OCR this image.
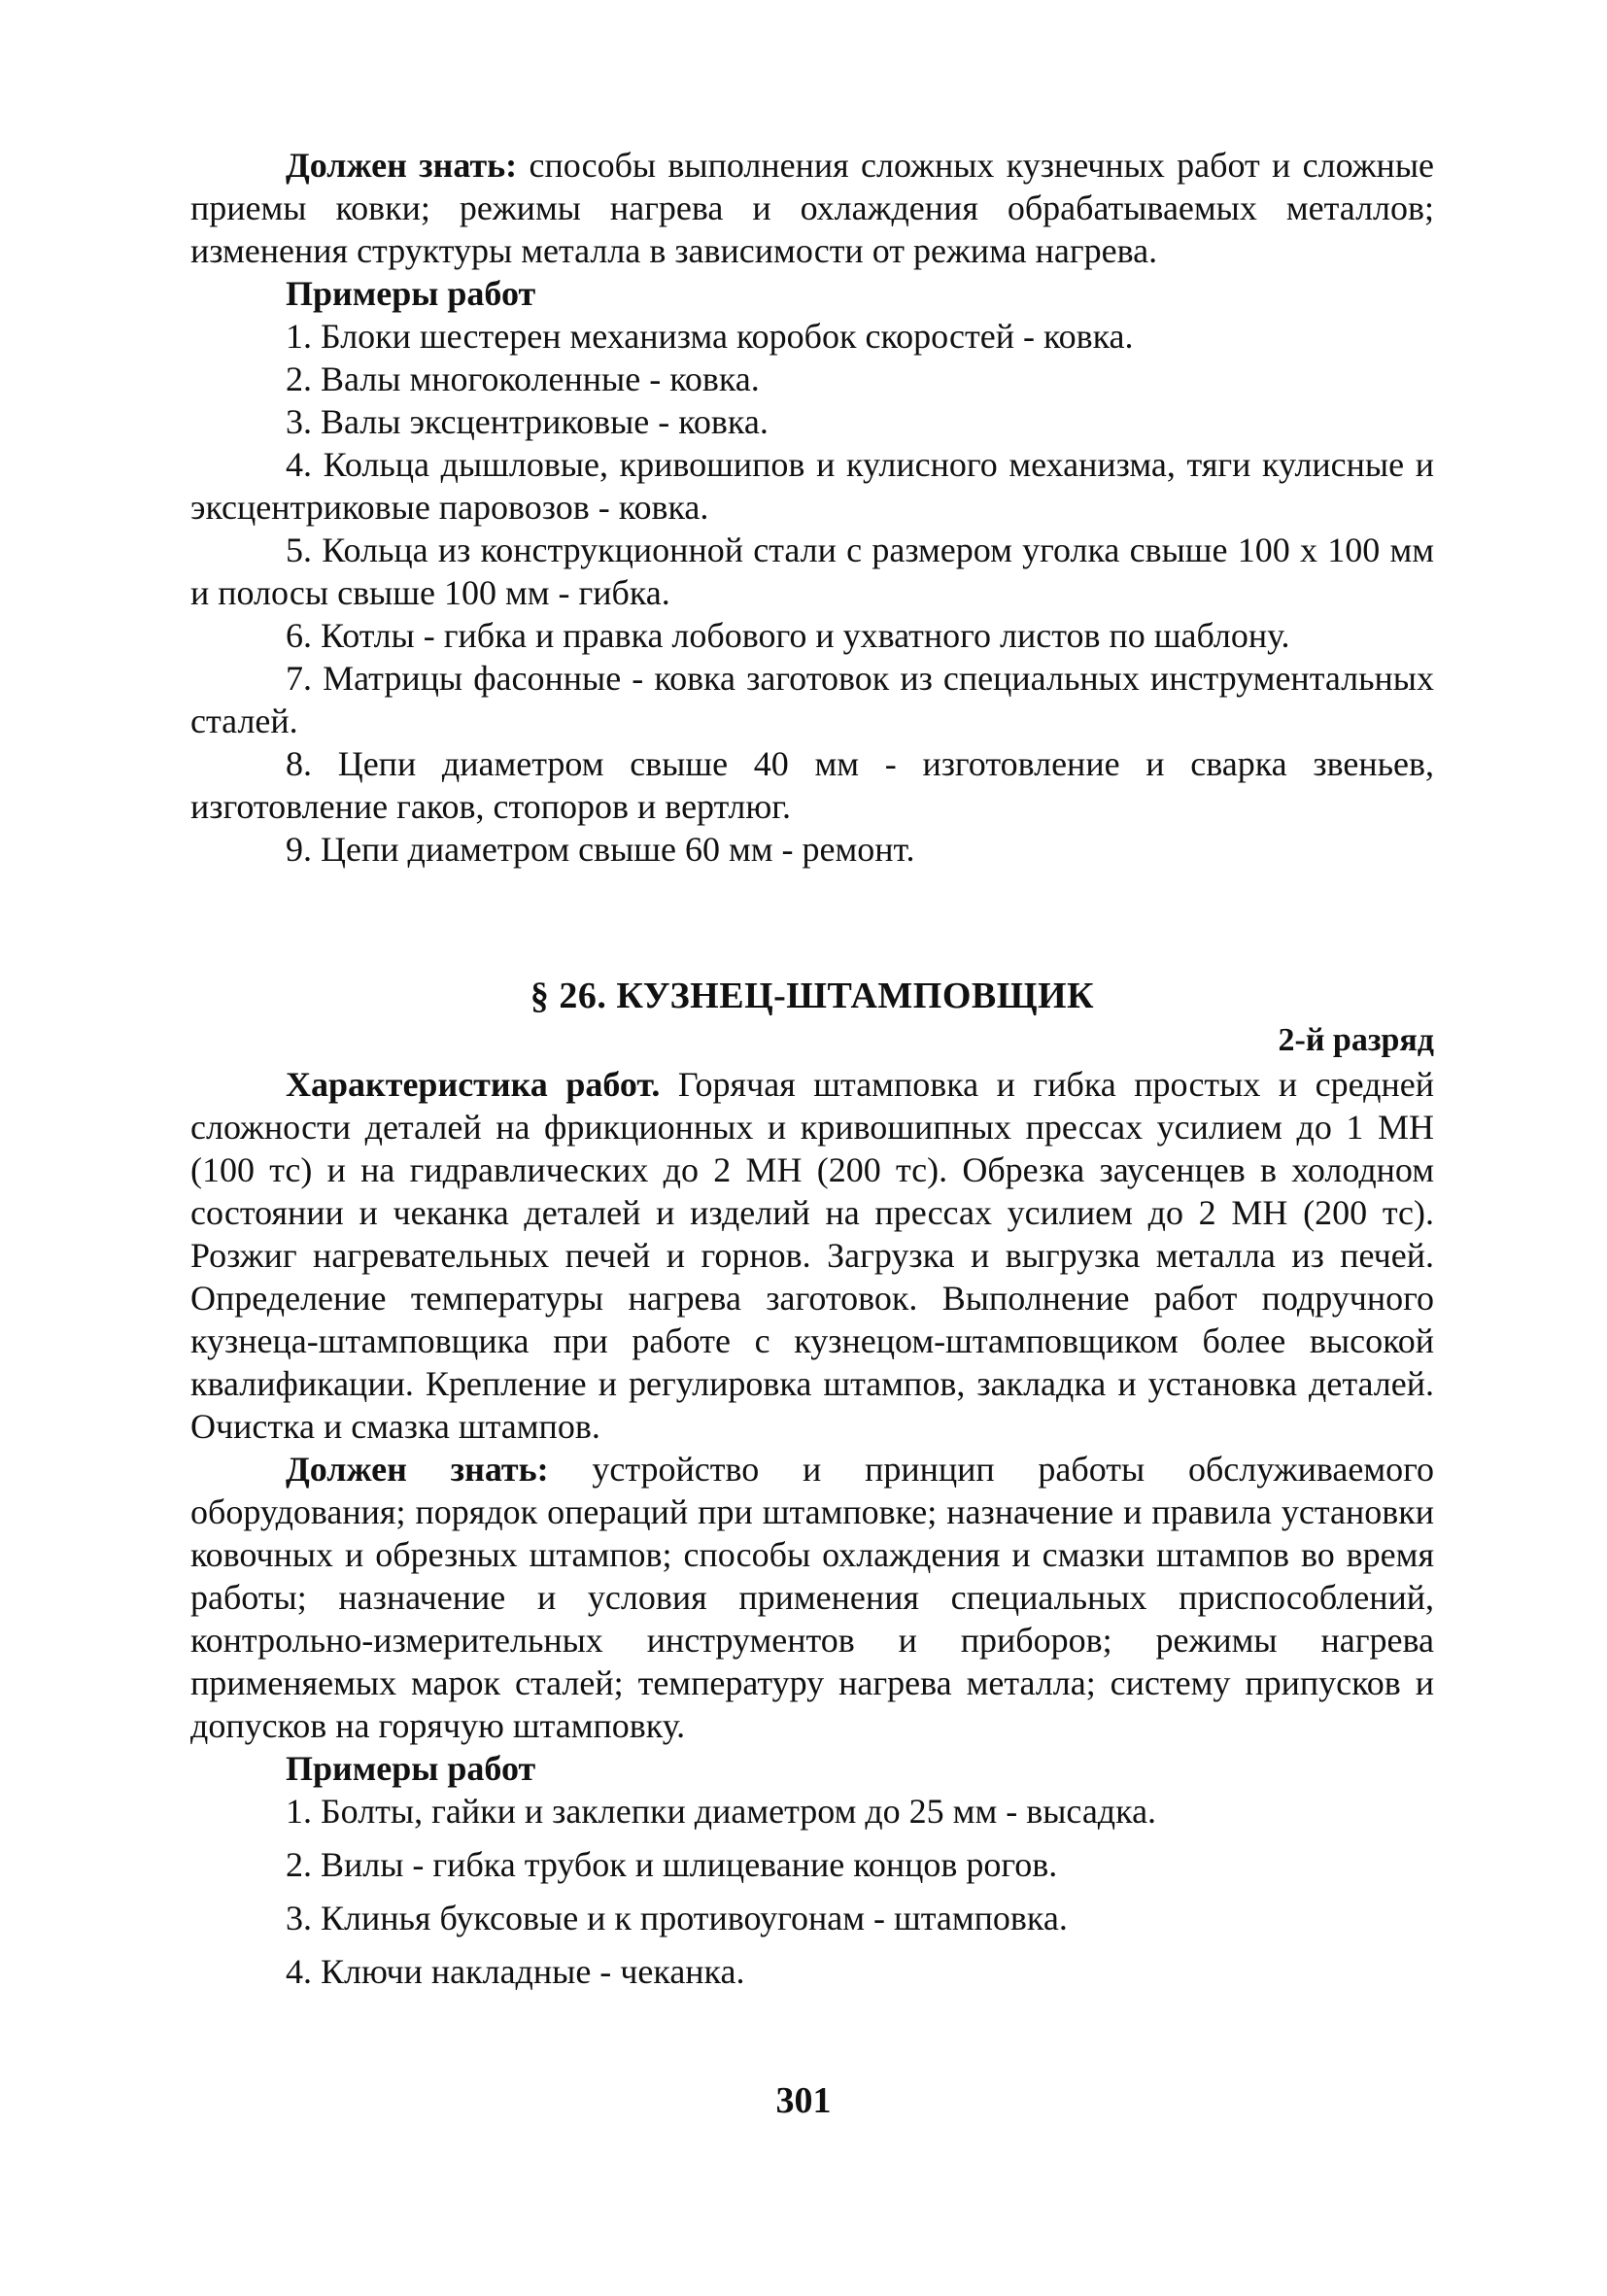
Должен знать: способы выполнения сложных кузнечных работ и сложные приемы ковки; режимы нагрева и охлаждения обрабатываемых металлов; изменения структуры металла в зависимости от режима нагрева.

Примеры работ

1. Блоки шестерен механизма коробок скоростей - ковка.
2. Валы многоколенные - ковка.
3. Валы эксцентриковые - ковка.
4. Кольца дышловые, кривошипов и кулисного механизма, тяги кулисные и эксцентриковые паровозов - ковка.
5. Кольца из конструкционной стали с размером уголка свыше 100 х 100 мм и полосы свыше 100 мм - гибка.
6. Котлы - гибка и правка лобового и ухватного листов по шаблону.
7. Матрицы фасонные - ковка заготовок из специальных инструментальных сталей.
8. Цепи диаметром свыше 40 мм - изготовление и сварка звеньев, изготовление гаков, стопоров и вертлюг.
9. Цепи диаметром свыше 60 мм - ремонт.
§ 26. КУЗНЕЦ-ШТАМПОВЩИК

2-й разряд

Характеристика работ. Горячая штамповка и гибка простых и средней сложности деталей на фрикционных и кривошипных прессах усилием до 1 МН (100 тс) и на гидравлических до 2 МН (200 тс). Обрезка заусенцев в холодном состоянии и чеканка деталей и изделий на прессах усилием до 2 МН (200 тс). Розжиг нагревательных печей и горнов. Загрузка и выгрузка металла из печей. Определение температуры нагрева заготовок. Выполнение работ подручного кузнеца-штамповщика при работе с кузнецом-штамповщиком более высокой квалификации. Крепление и регулировка штампов, закладка и установка деталей. Очистка и смазка штампов.

Должен знать: устройство и принцип работы обслуживаемого оборудования; порядок операций при штамповке; назначение и правила установки ковочных и обрезных штампов; способы охлаждения и смазки штампов во время работы; назначение и условия применения специальных приспособлений, контрольно-измерительных инструментов и приборов; режимы нагрева применяемых марок сталей; температуру нагрева металла; систему припусков и допусков на горячую штамповку.

Примеры работ

1. Болты, гайки и заклепки диаметром до 25 мм - высадка.
2. Вилы - гибка трубок и шлицевание концов рогов.
3. Клинья буксовые и к противоугонам - штамповка.
4. Ключи накладные - чеканка.
301
